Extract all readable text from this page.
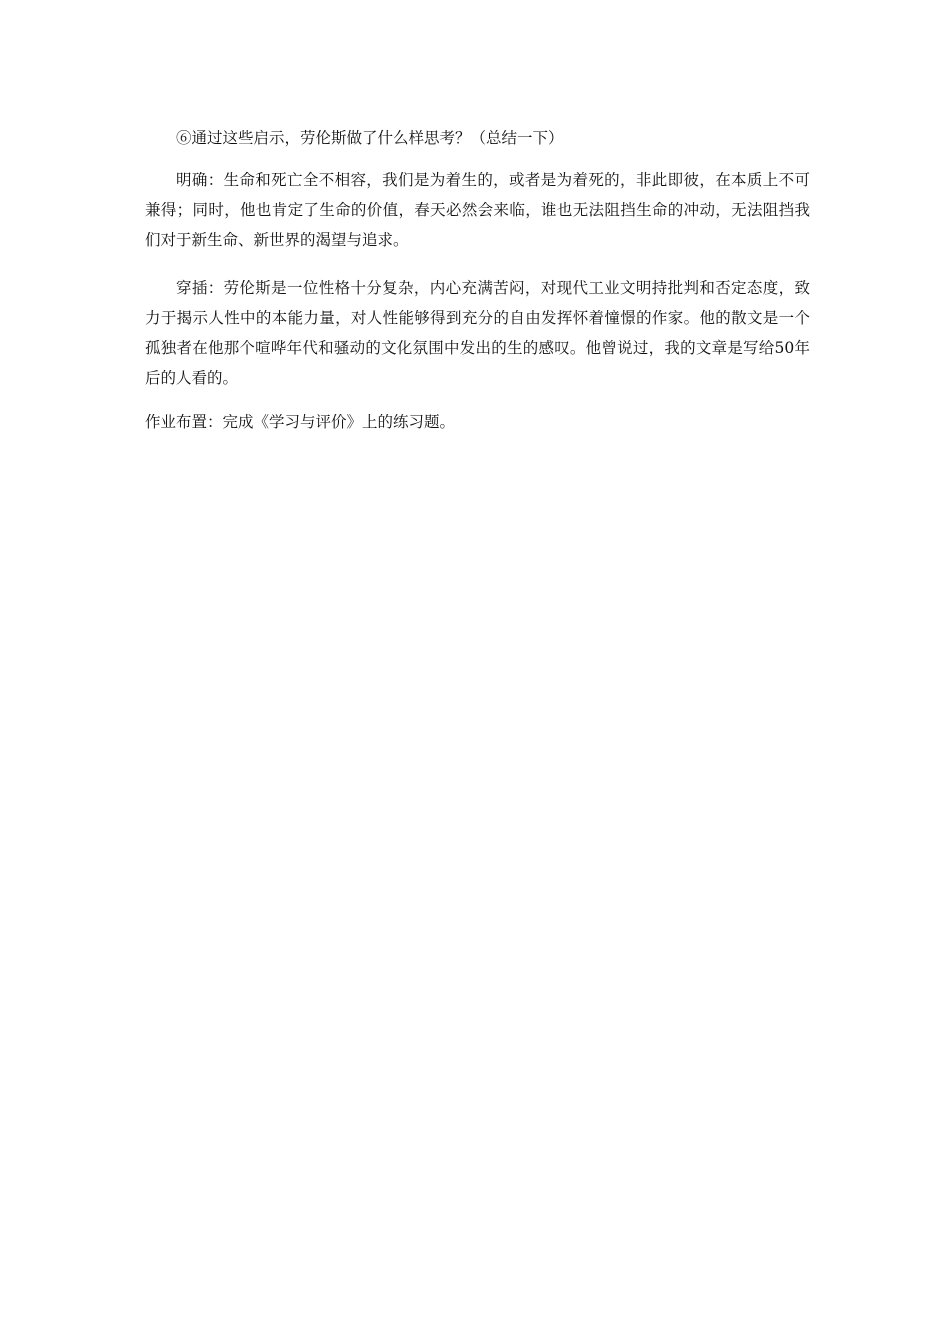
⑥通过这些启示，劳伦斯做了什么样思考？（总结一下）

明确：生命和死亡全不相容，我们是为着生的，或者是为着死的，非此即彼，在本质上不可兼得；同时，他也肯定了生命的价值，春天必然会来临，谁也无法阻挡生命的冲动，无法阻挡我们对于新生命、新世界的渴望与追求。

穿插：劳伦斯是一位性格十分复杂，内心充满苦闷，对现代工业文明持批判和否定态度，致力于揭示人性中的本能力量，对人性能够得到充分的自由发挥怀着憧憬的作家。他的散文是一个孤独者在他那个喧哗年代和骚动的文化氛围中发出的生的感叹。他曾说过，我的文章是写给50年后的人看的。

作业布置：完成《学习与评价》上的练习题。
